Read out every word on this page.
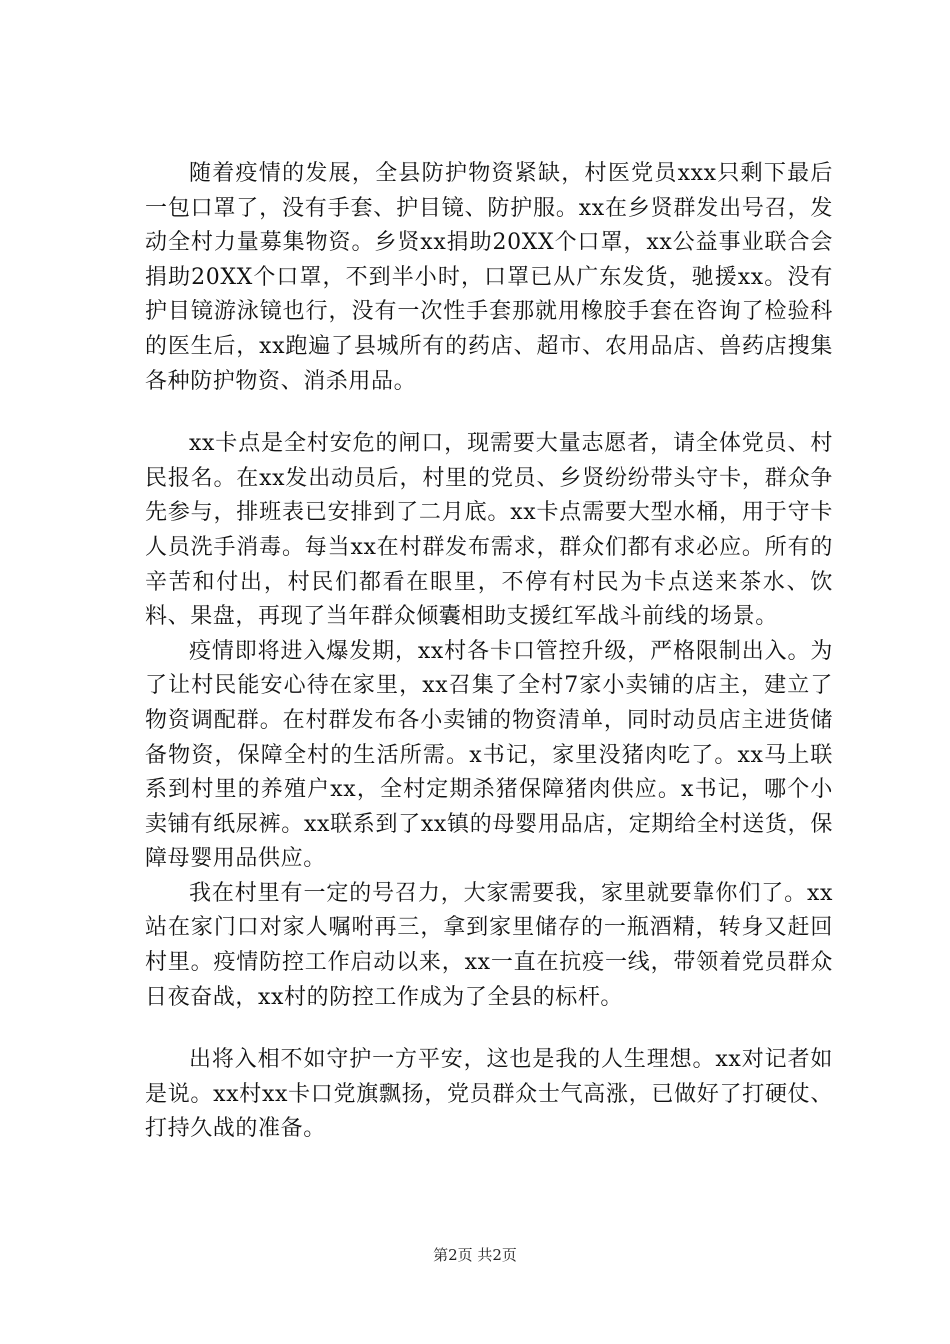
随着疫情的发展，全县防护物资紧缺，村医党员xxx只剩下最后一包口罩了，没有手套、护目镜、防护服。xx在乡贤群发出号召，发动全村力量募集物资。乡贤xx捐助20XX个口罩，xx公益事业联合会捐助20XX个口罩，不到半小时，口罩已从广东发货，驰援xx。没有护目镜游泳镜也行，没有一次性手套那就用橡胶手套在咨询了检验科的医生后，xx跑遍了县城所有的药店、超市、农用品店、兽药店搜集各种防护物资、消杀用品。

xx卡点是全村安危的闸口，现需要大量志愿者，请全体党员、村民报名。在xx发出动员后，村里的党员、乡贤纷纷带头守卡，群众争先参与，排班表已安排到了二月底。xx卡点需要大型水桶，用于守卡人员洗手消毒。每当xx在村群发布需求，群众们都有求必应。所有的辛苦和付出，村民们都看在眼里，不停有村民为卡点送来茶水、饮料、果盘，再现了当年群众倾囊相助支援红军战斗前线的场景。

疫情即将进入爆发期，xx村各卡口管控升级，严格限制出入。为了让村民能安心待在家里，xx召集了全村7家小卖铺的店主，建立了物资调配群。在村群发布各小卖铺的物资清单，同时动员店主进货储备物资，保障全村的生活所需。x书记，家里没猪肉吃了。xx马上联系到村里的养殖户xx，全村定期杀猪保障猪肉供应。x书记，哪个小卖铺有纸尿裤。xx联系到了xx镇的母婴用品店，定期给全村送货，保障母婴用品供应。

我在村里有一定的号召力，大家需要我，家里就要靠你们了。xx站在家门口对家人嘱咐再三，拿到家里储存的一瓶酒精，转身又赶回村里。疫情防控工作启动以来，xx一直在抗疫一线，带领着党员群众日夜奋战，xx村的防控工作成为了全县的标杆。

出将入相不如守护一方平安，这也是我的人生理想。xx对记者如是说。xx村xx卡口党旗飘扬，党员群众士气高涨，已做好了打硬仗、打持久战的准备。

第2页 共2页
